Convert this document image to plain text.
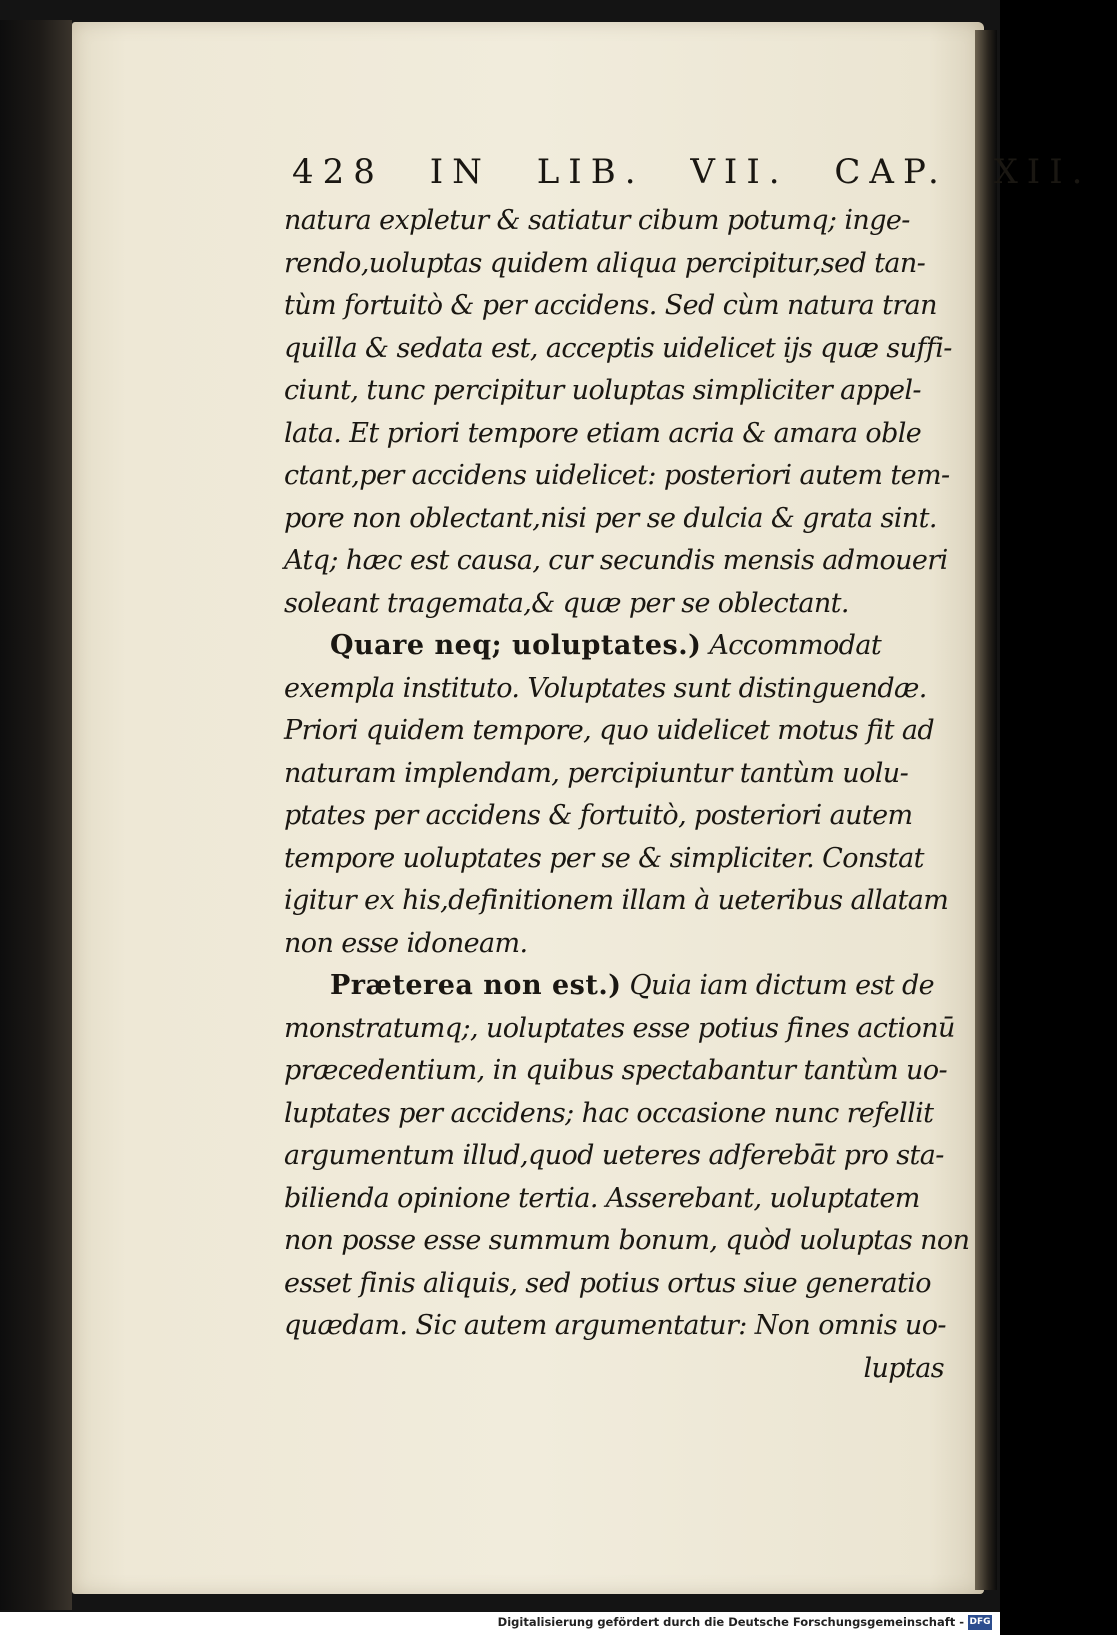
428 IN LIB. VII. CAP. XII.
natura expletur & satiatur cibum potumq; inge-
rendo,uoluptas quidem aliqua percipitur,sed tan-
tùm fortuitò & per accidens. Sed cùm natura tran
quilla & sedata est, acceptis uidelicet ijs quæ suffi-
ciunt, tunc percipitur uoluptas simpliciter appel-
lata. Et priori tempore etiam acria & amara oble
ctant,per accidens uidelicet: posteriori autem tem-
pore non oblectant,nisi per se dulcia & grata sint.
Atq; hæc est causa, cur secundis mensis admoueri
soleant tragemata,& quæ per se oblectant.
Quare neq; uoluptates.) Accommodat
exempla instituto. Voluptates sunt distinguendæ.
Priori quidem tempore, quo uidelicet motus fit ad
naturam implendam, percipiuntur tantùm uolu-
ptates per accidens & fortuitò, posteriori autem
tempore uoluptates per se & simpliciter. Constat
igitur ex his,definitionem illam à ueteribus allatam
non esse idoneam.
Præterea non est.) Quia iam dictum est de
monstratumq;, uoluptates esse potius fines actionū
præcedentium, in quibus spectabantur tantùm uo-
luptates per accidens; hac occasione nunc refellit
argumentum illud,quod ueteres adferebāt pro sta-
bilienda opinione tertia. Asserebant, uoluptatem
non posse esse summum bonum, quòd uoluptas non
esset finis aliquis, sed potius ortus siue generatio
quædam. Sic autem argumentatur: Non omnis uo-
luptas
Digitalisierung gefördert durch die Deutsche Forschungsgemeinschaft - DFG
